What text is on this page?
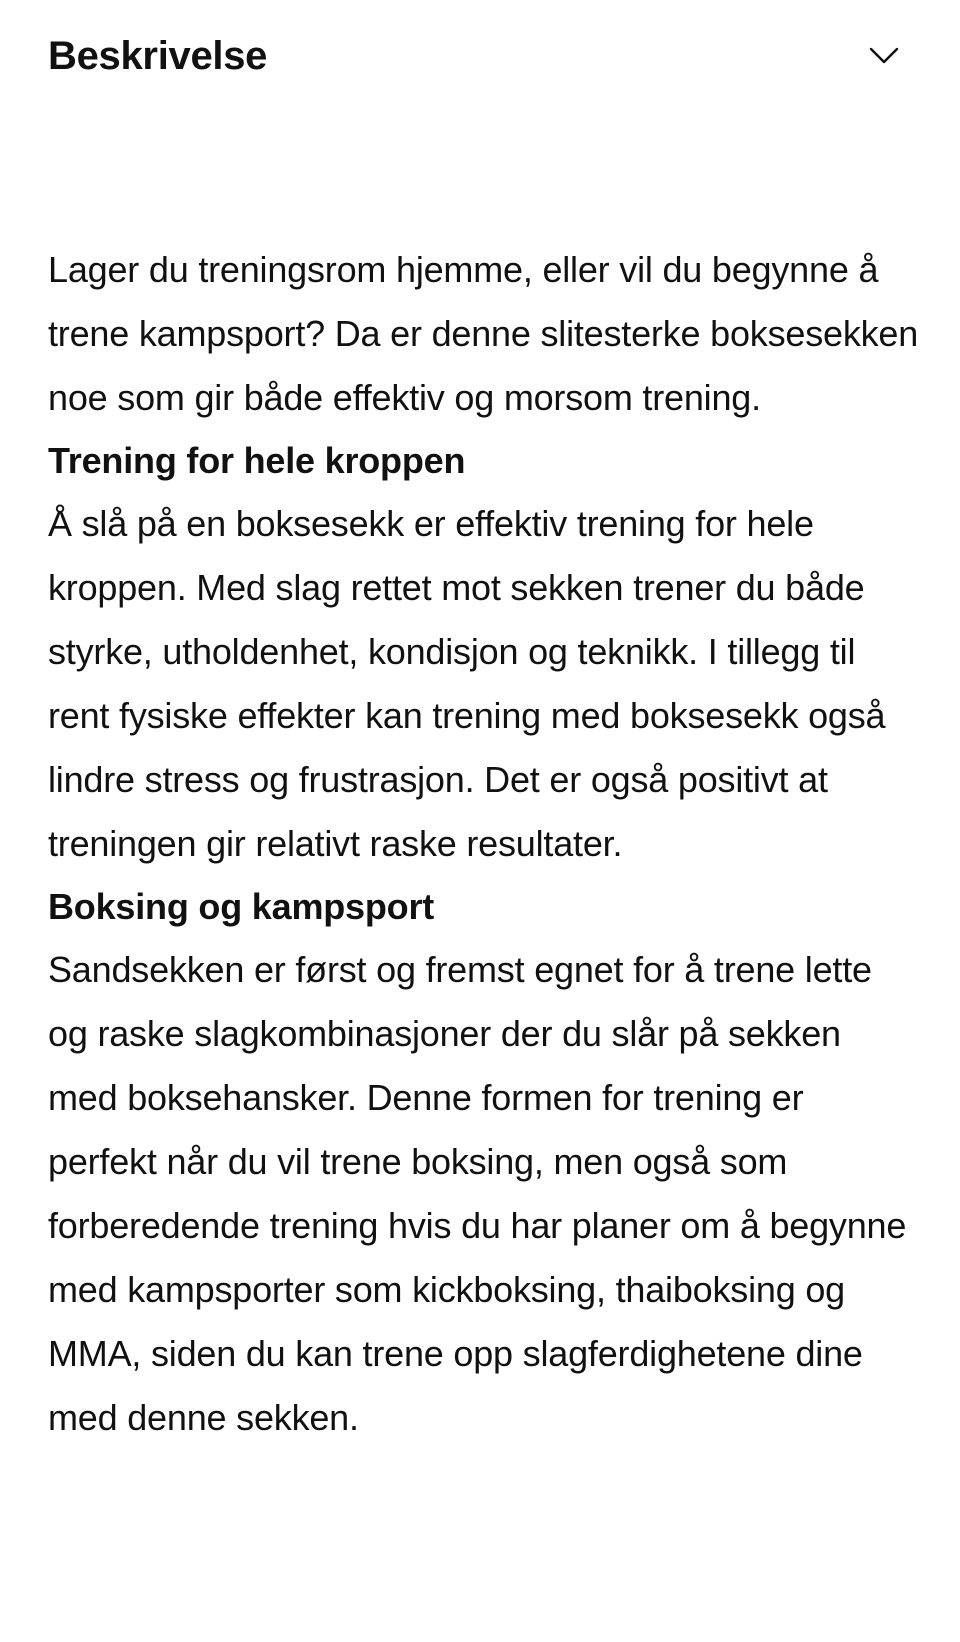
Beskrivelse

Lager du treningsrom hjemme, eller vil du begynne å trene kampsport? Da er denne slitesterke boksesekken noe som gir både effektiv og morsom trening.

Trening for hele kroppen

Å slå på en boksesekk er effektiv trening for hele kroppen. Med slag rettet mot sekken trener du både styrke, utholdenhet, kondisjon og teknikk. I tillegg til rent fysiske effekter kan trening med boksesekk også lindre stress og frustrasjon. Det er også positivt at treningen gir relativt raske resultater.

Boksing og kampsport

Sandsekken er først og fremst egnet for å trene lette og raske slagkombinasjoner der du slår på sekken med boksehansker. Denne formen for trening er perfekt når du vil trene boksing, men også som forberedende trening hvis du har planer om å begynne med kampsporter som kickboksing, thaiboksing og MMA, siden du kan trene opp slagferdighetene dine med denne sekken.
